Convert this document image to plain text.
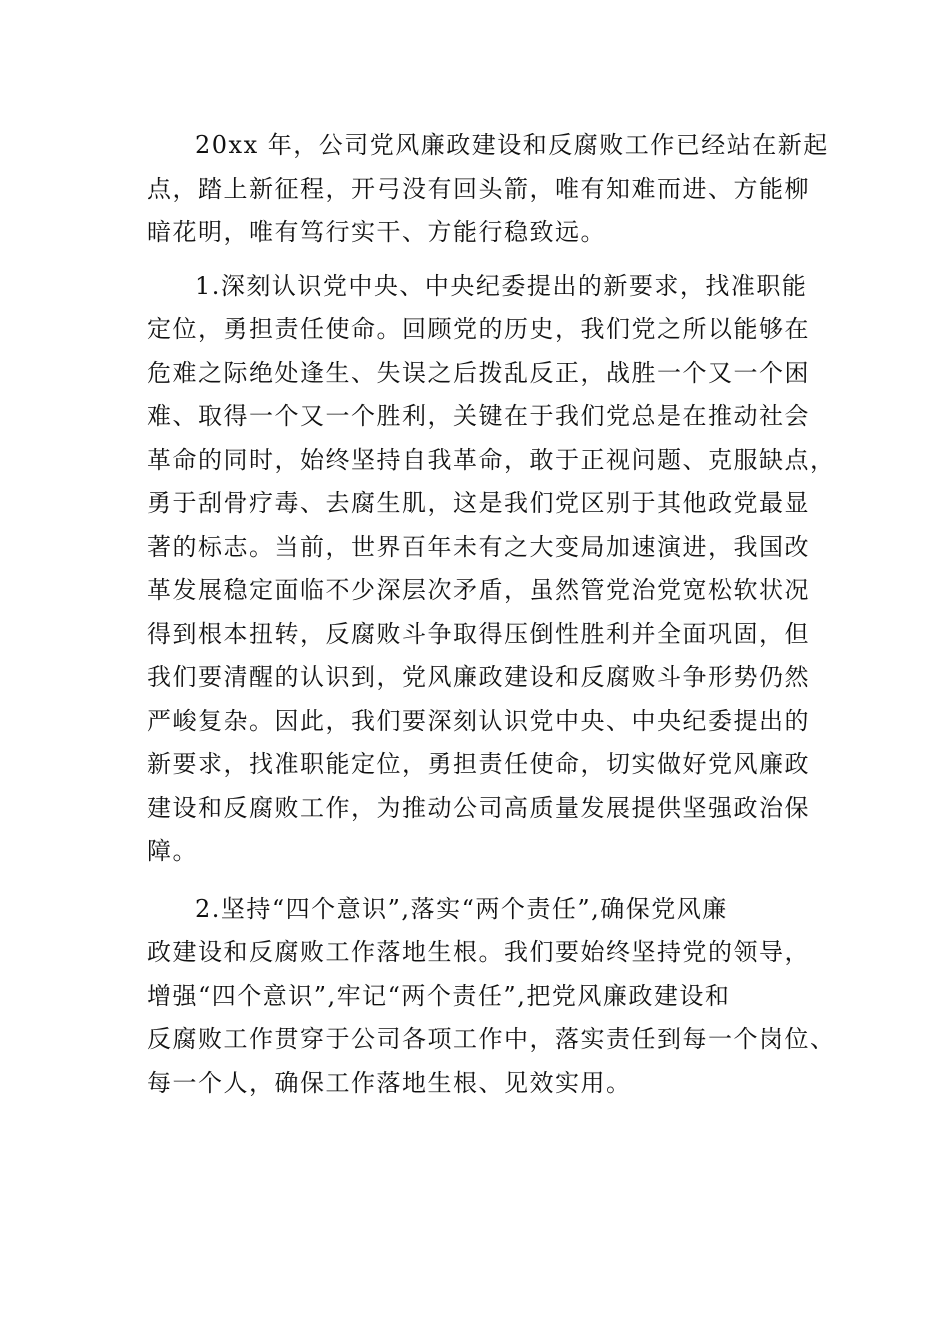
20xx 年，公司党风廉政建设和反腐败工作已经站在新起
点，踏上新征程，开弓没有回头箭，唯有知难而进、方能柳
暗花明，唯有笃行实干、方能行稳致远。

1.深刻认识党中央、中央纪委提出的新要求，找准职能
定位，勇担责任使命。回顾党的历史，我们党之所以能够在
危难之际绝处逢生、失误之后拨乱反正，战胜一个又一个困
难、取得一个又一个胜利，关键在于我们党总是在推动社会
革命的同时，始终坚持自我革命，敢于正视问题、克服缺点，
勇于刮骨疗毒、去腐生肌，这是我们党区别于其他政党最显
著的标志。当前，世界百年未有之大变局加速演进，我国改
革发展稳定面临不少深层次矛盾，虽然管党治党宽松软状况
得到根本扭转，反腐败斗争取得压倒性胜利并全面巩固，但
我们要清醒的认识到，党风廉政建设和反腐败斗争形势仍然
严峻复杂。因此，我们要深刻认识党中央、中央纪委提出的
新要求，找准职能定位，勇担责任使命，切实做好党风廉政
建设和反腐败工作，为推动公司高质量发展提供坚强政治保
障。

2.坚持“四个意识”,落实“两个责任”,确保党风廉
政建设和反腐败工作落地生根。我们要始终坚持党的领导，
增强“四个意识”,牢记“两个责任”,把党风廉政建设和
反腐败工作贯穿于公司各项工作中，落实责任到每一个岗位、
每一个人，确保工作落地生根、见效实用。
